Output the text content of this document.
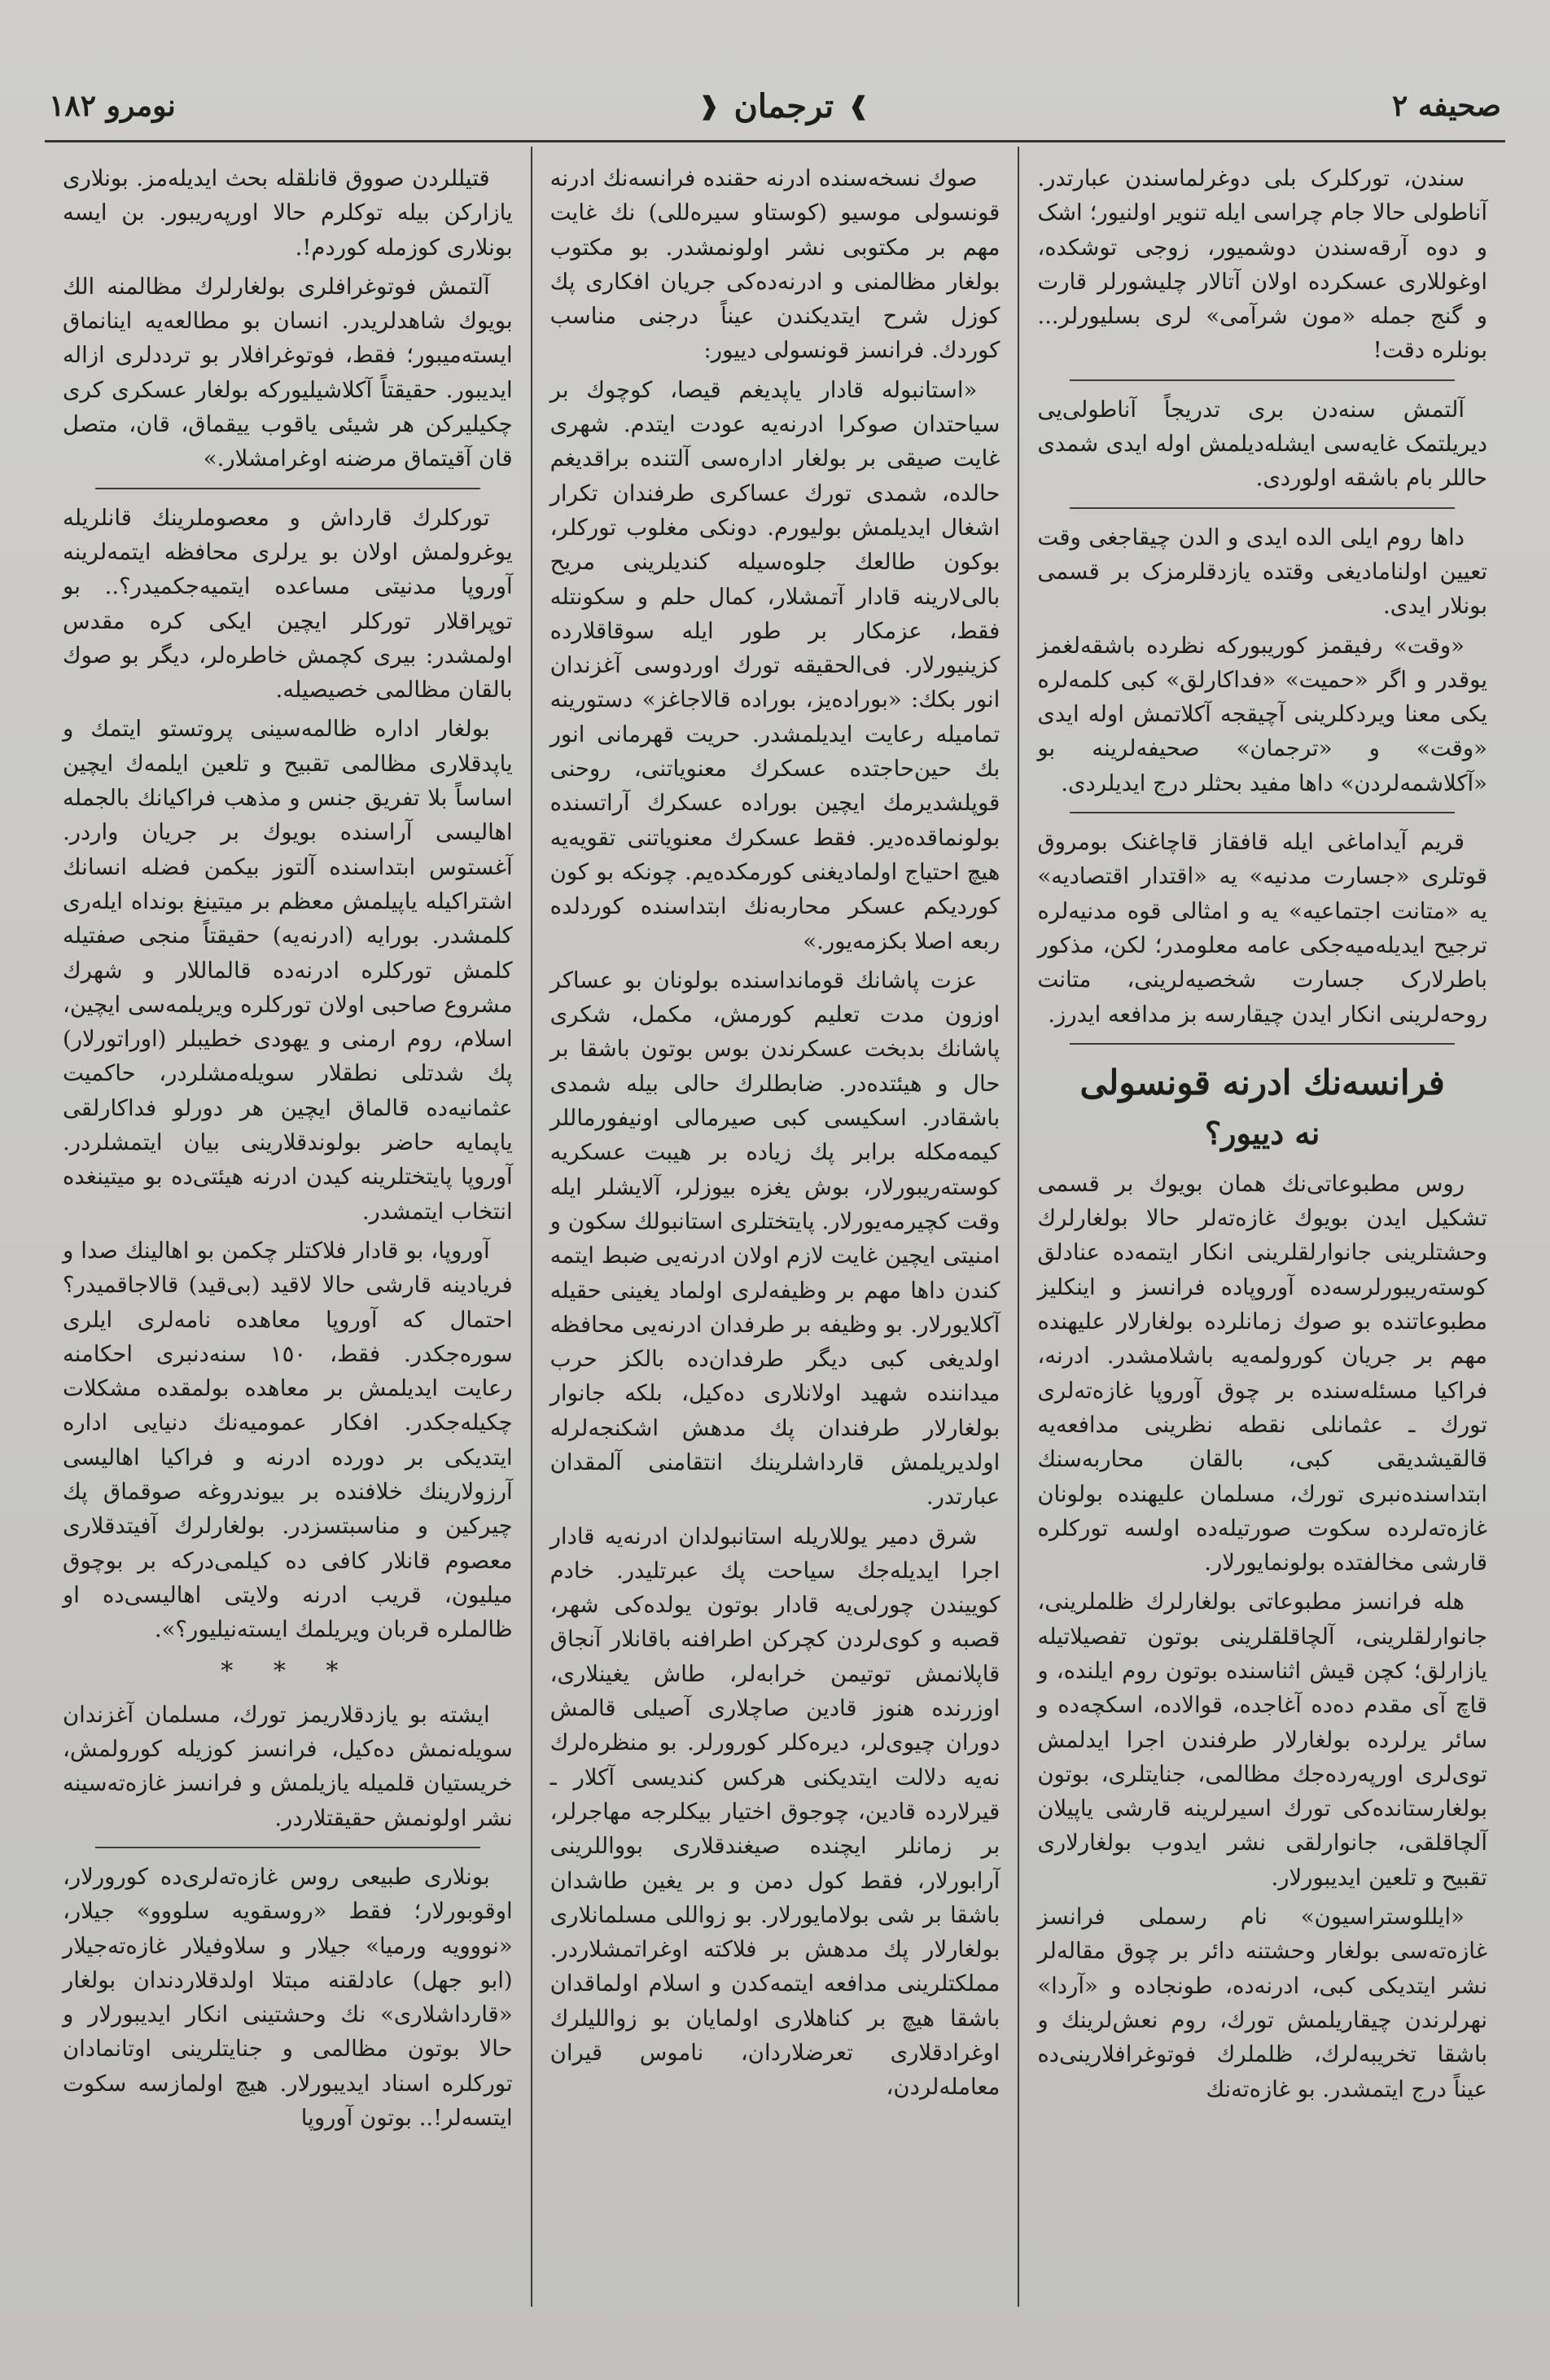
صحیفه ٢
❱
ترجمان
❰
نومرو ١٨٢

سندن، تورکلرک بلی دوغرلماسندن عبارتدر. آناطولی حالا جام چراسی ایله تنویر اولنیور؛ اشک و دوه آرقه‌سندن دوشمیور، زوجی توشکده، اوغوللاری عسکرده اولان آتالار چلیشورلر قارت و گنج جمله «مون شرآمی» لری بسلیورلر... بونلره دقت!

آلتمش سنه‌دن بری تدریجاً آناطولی‌یی دیریلتمک غایه‌سی ایشله‌دیلمش اوله ایدی شمدی حاللر بام باشقه اولوردی.

داها روم ایلی الده ایدی و الدن چیقاجغی وقت تعیین اولنامادیغی وقتده یازدقلرمزک بر قسمی بونلار ایدی.

«وقت» رفیقمز کوریبورکه نظرده باشقه‌لغمز یوقدر و اگر «حمیت» «فداکارلق» کبی کلمه‌لره یکی معنا ویردکلرینی آچیقجه آکلاتمش اوله ایدی «وقت» و «ترجمان» صحیفه‌لرینه بو «آکلاشمه‌لردن» داها مفید بحثلر درج ایدیلردی.

قریم آیداماغی ایله قافقاز قاچاغنک بومروق قوتلری «جسارت مدنیه» یه «اقتدار اقتصادیه» یه «متانت اجتماعیه» یه و امثالی قوه مدنیه‌لره ترجیح ایدیله‌میه‌جکی عامه معلومدر؛ لکن، مذکور باطرلارک جسارت شخصیه‌لرینی، متانت روحه‌لرینی انکار ایدن چیقارسه بز مدافعه ایدرز.

فرانسه‌نك ادرنه قونسولی
نه دییور؟

روس مطبوعاتی‌نك همان بویوك بر قسمی تشکیل ایدن بویوك غازه‌ته‌لر حالا بولغارلرك وحشتلرینی جانوارلقلرینی انکار ایتمه‌ده عنادلق کوسته‌ریبورلرسه‌ده آوروپاده فرانسز و اینکلیز مطبوعاتنده بو صوك زمانلرده بولغارلار علیهنده مهم بر جریان کورولمه‌یه باشلامشدر. ادرنه، فراکیا مسئله‌سنده بر چوق آوروپا غازه‌ته‌لری تورك ـ عثمانلی نقطه نظرینی مدافعه‌یه قالقیشدیقی کبی، بالقان محاربه‌سنك ابتداسنده‌نبری تورك، مسلمان علیهنده بولونان غازه‌ته‌لرده سکوت صورتیله‌ده اولسه تورکلره قارشی مخالفتده بولونمایورلار.

هله فرانسز مطبوعاتی بولغارلرك ظلملرینی، جانوارلقلرینی، آلچاقلقلرینی بوتون تفصیلاتیله یازارلق؛ کچن قیش اثناسنده بوتون روم ایلنده، و قاچ آی مقدم ده‌ده آغاجده، قوالاده، اسکچه‌ده و سائر یرلرده بولغارلار طرفندن اجرا ایدلمش توی‌لری اورپه‌رده‌جك مظالمی، جنایتلری، بوتون بولغارستانده‌کی تورك اسیرلرینه قارشی یاپیلان آلچاقلقی، جانوارلقی نشر ایدوب بولغارلاری تقبیح و تلعین ایدیبورلار.

«ایللوستراسیون» نام رسملی فرانسز غازه‌ته‌سی بولغار وحشتنه دائر بر چوق مقاله‌لر نشر ایتدیکی کبی، ادرنه‌ده، طونجاده و «آردا» نهرلرندن چیقاریلمش تورك، روم نعش‌لرینك و باشقا تخریبه‌لرك، ظلملرك فوتوغرافلارینی‌ده عیناً درج ایتمشدر. بو غازه‌ته‌نك

صوك نسخه‌سنده ادرنه حقنده فرانسه‌نك ادرنه قونسولی موسیو (کوستاو سیره‌للی) نك غایت مهم بر مکتوبی نشر اولونمشدر. بو مکتوب بولغار مظالمنی و ادرنه‌ده‌کی جریان افکاری پك کوزل شرح ایتدیکندن عیناً درجنی مناسب کوردك. فرانسز قونسولی دییور:

«استانبوله قادار یاپدیغم قیصا، کوچوك بر سیاحتدان صوکرا ادرنه‌یه عودت ایتدم. شهری غایت صیقی بر بولغار اداره‌سی آلتنده براقدیغم حالده، شمدی تورك عساکری طرفندان تکرار اشغال ایدیلمش بولیورم. دونکی مغلوب تورکلر، بوکون طالعك جلوه‌سیله کندیلرینی مریح بالی‌لارینه قادار آتمشلار، کمال حلم و سکونتله فقط، عزمکار بر طور ایله سوقاقلارده کزینیورلار. فی‌الحقیقه تورك اوردوسی آغزندان انور بکك: «بوراده‌یز، بوراده قالاجاغز» دستورینه تمامیله رعایت ایدیلمشدر. حریت قهرمانی انور بك حین‌حاجتده عسکرك معنویاتنی، روحنی قوپلشدیرمك ایچین بوراده عسکرك آراتسنده بولونماقده‌دیر. فقط عسکرك معنویاتنی تقویه‌یه هیچ احتیاج اولمادیغنی کورمکده‌یم. چونکه بو کون کوردیکم عسکر محاربه‌نك ابتداسنده کوردلده ربعه اصلا بکزمه‌یور.»

عزت پاشانك قوماندا‌سنده بولونان بو عساکر اوزون مدت تعلیم کورمش، مکمل، شکری پاشانك بدبخت عسکرندن بوس بوتون باشقا بر حال و هیئتده‌در. ضابطلرك حالی بیله شمدی باشقادر. اسکیسی کبی صیرمالی اونیفورماللر کیمه‌مکله برابر پك زیاده بر هیبت عسکریه کوسته‌ریبورلار، بوش یغزه بیوزلر، آلایشلر ایله وقت کچیرمه‌یورلار. پایتختلری استانبولك سکون و امنیتی ایچین غایت لازم اولان ادرنه‌یی ضبط ایتمه کندن داها مهم بر وظیفه‌لری اولماد یغینی حقیله آکلایورلار. بو وظیفه بر طرفدان ادرنه‌یی محافظه اولدیغی کبی دیگر طرفدان‌ده بالکز حرب میداننده شهید اولانلاری ده‌کیل، بلکه جانوار بولغارلار طرفندان پك مدهش اشکنجه‌لرله اولدیریلمش قارداشلرینك انتقامنی آلمقدان عبارتدر.

شرق دمیر یوللاریله استانبولدان ادرنه‌یه قادار اجرا ایدیله‌جك سیاحت پك عبرتلیدر. خادم کوییندن چورلی‌یه قادار بوتون یولده‌کی شهر، قصبه و کوی‌لردن کچرکن اطرافنه باقانلار آنجاق قاپلانمش توتیمن خرابه‌لر، طاش یغینلاری، اوزرنده هنوز قادین صاچلاری آصیلی قالمش دوران چیوی‌لر، دیره‌کلر کورورلر. بو منظره‌لرك نه‌یه دلالت ایتدیکنی هرکس کندیسی آکلار ـ قیرلارده قادین، چوجوق اختیار بیکلرجه مهاجرلر، بر زمانلر ایچنده صیغندقلاری بوواللرینی آرابورلار، فقط کول دمن و بر یغین طاشدان باشقا بر شی بولامایورلار. بو زواللی مسلمانلاری بولغارلار پك مدهش بر فلاکته اوغراتمشلاردر. مملکتلرینی مدافعه ایتمه‌کدن و اسلام اولماقدان باشقا هیچ بر کناهلاری اولمایان بو زواللیلرك اوغرادقلاری تعرضلاردان، ناموس قیران معامله‌لردن،

قتیللردن صووق قانلقله بحث ایدیله‌مز. بونلاری یازارکن بیله توکلرم حالا اورپه‌ریبور. بن ایسه بونلاری کوزمله کوردم!.

آلتمش فوتوغرافلری بولغارلرك مظالمنه الك بویوك شاهدلریدر. انسان بو مطالعه‌یه اینانماق ایسته‌میبور؛ فقط، فوتوغرافلار بو تردد‌لری ازاله ایدیبور. حقیقتاً آکلاشیلیورکه بولغار عسکری کری چکیلیرکن هر شیئی یاقوب ییقماق، قان، متصل قان آقیتماق مرضنه اوغرامشلار.»

تورکلرك قارداش و معصوملرینك قانلریله یوغرولمش اولان بو یرلری محافظه ایتمه‌لرینه آوروپا مدنیتی مساعده ایتمیه‌جکمیدر؟.. بو توپراقلار تورکلر ایچین ایکی کره مقدس اولمشدر: بیری کچمش خاطره‌لر، دیگر بو صوك بالقان مظالمی خصیصیله.

بولغار اداره ظالمه‌سینی پروتستو ایتمك و یاپدقلاری مظالمی تقبیح و تلعین ایلمه‌ك ایچین اساساً بلا تفریق جنس و مذهب فراکیانك بالجمله اهالیسی آراسنده بویوك بر جریان واردر. آغستوس ابتداسنده آلتوز بیکمن فضله انسانك اشتراکیله یاپیلمش معظم بر میتینغ بونداه ایله‌ری کلمشدر. بورایه (ادرنه‌یه) حقیقتاً منجی صفتیله کلمش تورکلره ادرنه‌ده قالماللار و شهرك مشروع صاحبی اولان تورکلره ویریلمه‌سی ایچین، اسلام، روم ارمنی و یهودی خطیبلر (اوراتورلار) پك شدتلی نطقلار سویله‌مشلردر، حاکمیت عثمانیه‌ده قالماق ایچین هر دورلو فداکارلقی یاپمایه حاضر بولوندقلارینی بیان ایتمشلردر. آوروپا پایتختلرینه کیدن ادرنه هیئتی‌ده بو میتینغده انتخاب ایتمشدر.

آوروپا، بو قادار فلاکتلر چکمن بو اهالینك صدا و فریادینه قارشی حالا لاقید (بی‌قید) قالاجاقمیدر؟ احتمال که آوروپا معاهده نامه‌لری ایلری سوره‌جکدر. فقط، ١٥٠ سنه‌دنبری احکامنه رعایت ایدیلمش بر معاهده بولمقده مشکلات چکیله‌جکدر. افکار عمومیه‌نك دنیایی اداره ایتدیکی بر دورده ادرنه و فراکیا اهالیسی آرزولارینك خلافنده بر بیوندروغه صوقماق پك چیرکین و مناسبتسزدر. بولغارلرك آفیتدقلاری معصوم قانلار کافی ده کیلمی‌درکه بر بوچوق میلیون، قریب ادرنه ولایتی اهالیسی‌ده او ظالملره قربان ویریلمك ایسته‌نیلیور؟».

* * *

ایشته بو یازدقلاریمز تورك، مسلمان آغزندان سویله‌نمش ده‌کیل، فرانسز کوزیله کورولمش، خریستیان قلمیله یازیلمش و فرانسز غازه‌ته‌سینه نشر اولونمش حقیقتلاردر.

بونلاری طبیعی روس غازه‌ته‌لری‌ده کورورلار، اوقوبورلار؛ فقط «روسقویه سلووو» جیلار، «نووویه ورمیا» جیلار و سلاوفیلار غازه‌ته‌جیلار (ابو جهل) عادلقنه مبتلا اولدقلاردندان بولغار «قارداشلاری» نك وحشتینی انکار ایدیبورلار و حالا بوتون مظالمی و جنایتلرینی اوتانمادان تورکلره اسناد ایدیبورلار. هیچ اولمازسه سکوت ایتسه‌لر!.. بوتون آوروپا
